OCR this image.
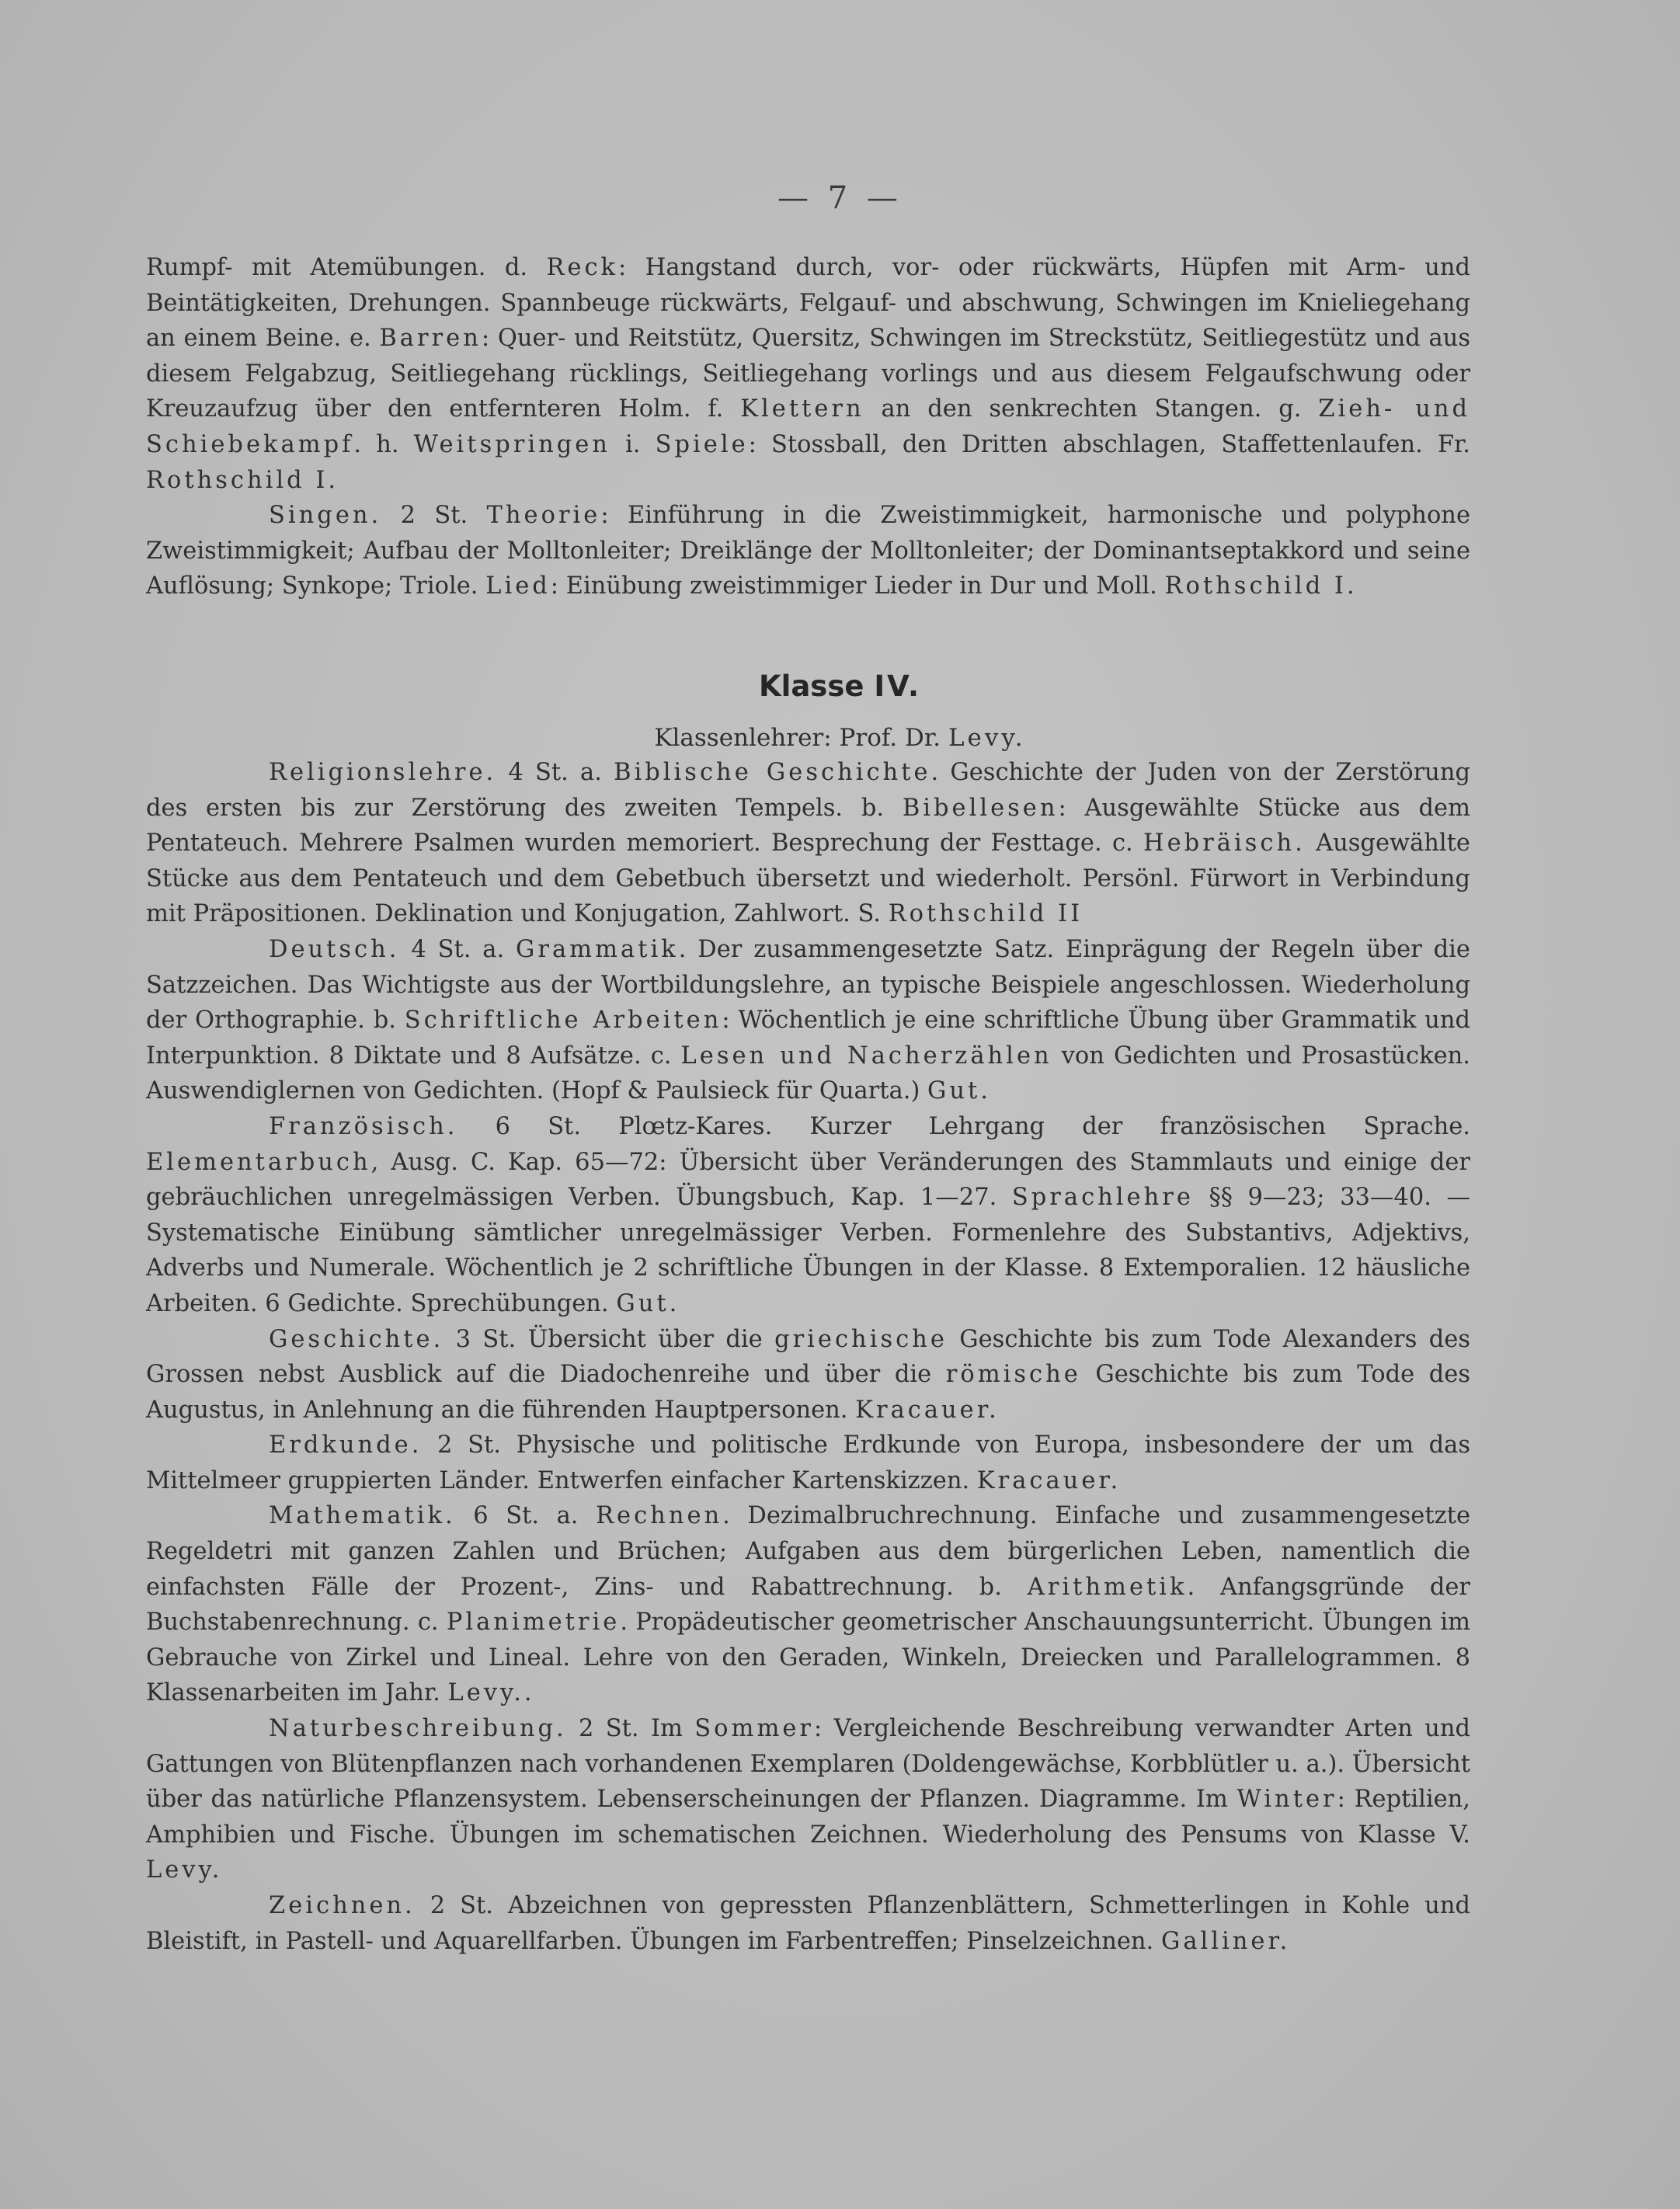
— 7 —

Rumpf- mit Atemübungen. d. Reck: Hangstand durch, vor- oder rückwärts, Hüpfen mit Arm- und Beintätigkeiten, Drehungen. Spannbeuge rückwärts, Felgauf- und abschwung, Schwingen im Knieliegehang an einem Beine. e. Barren: Quer- und Reitstütz, Quersitz, Schwingen im Streckstütz, Seitliegestütz und aus diesem Felgabzug, Seitliegehang rücklings, Seitliegehang vorlings und aus diesem Felgaufschwung oder Kreuzaufzug über den entfernteren Holm. f. Klettern an den senkrechten Stangen. g. Zieh- und Schiebekampf. h. Weitspringen i. Spiele: Stossball, den Dritten abschlagen, Staffettenlaufen. Fr. Rothschild I.

Singen. 2 St. Theorie: Einführung in die Zweistimmigkeit, harmonische und polyphone Zweistimmigkeit; Aufbau der Molltonleiter; Dreiklänge der Molltonleiter; der Dominantseptakkord und seine Auflösung; Synkope; Triole. Lied: Einübung zweistimmiger Lieder in Dur und Moll. Rothschild I.

Klasse IV.
Klassenlehrer: Prof. Dr. Levy.

Religionslehre. 4 St. a. Biblische Geschichte. Geschichte der Juden von der Zerstörung des ersten bis zur Zerstörung des zweiten Tempels. b. Bibellesen: Ausgewählte Stücke aus dem Pentateuch. Mehrere Psalmen wurden memoriert. Besprechung der Festtage. c. Hebräisch. Ausgewählte Stücke aus dem Pentateuch und dem Gebetbuch übersetzt und wiederholt. Persönl. Fürwort in Verbindung mit Präpositionen. Deklination und Konjugation, Zahlwort. S. Rothschild II

Deutsch. 4 St. a. Grammatik. Der zusammengesetzte Satz. Einprägung der Regeln über die Satzzeichen. Das Wichtigste aus der Wortbildungslehre, an typische Beispiele angeschlossen. Wiederholung der Orthographie. b. Schriftliche Arbeiten: Wöchentlich je eine schriftliche Übung über Grammatik und Interpunktion. 8 Diktate und 8 Aufsätze. c. Lesen und Nacherzählen von Gedichten und Prosastücken. Auswendiglernen von Gedichten. (Hopf & Paulsieck für Quarta.) Gut.

Französisch. 6 St. Plœtz-Kares. Kurzer Lehrgang der französischen Sprache. Elementarbuch, Ausg. C. Kap. 65—72: Übersicht über Veränderungen des Stammlauts und einige der gebräuchlichen unregelmässigen Verben. Übungsbuch, Kap. 1—27. Sprachlehre §§ 9—23; 33—40. — Systematische Einübung sämtlicher unregelmässiger Verben. Formenlehre des Substantivs, Adjektivs, Adverbs und Numerale. Wöchentlich je 2 schriftliche Übungen in der Klasse. 8 Extemporalien. 12 häusliche Arbeiten. 6 Gedichte. Sprechübungen. Gut.

Geschichte. 3 St. Übersicht über die griechische Geschichte bis zum Tode Alexanders des Grossen nebst Ausblick auf die Diadochenreihe und über die römische Geschichte bis zum Tode des Augustus, in Anlehnung an die führenden Hauptpersonen. Kracauer.

Erdkunde. 2 St. Physische und politische Erdkunde von Europa, insbesondere der um das Mittelmeer gruppierten Länder. Entwerfen einfacher Kartenskizzen. Kracauer.

Mathematik. 6 St. a. Rechnen. Dezimalbruchrechnung. Einfache und zusammengesetzte Regeldetri mit ganzen Zahlen und Brüchen; Aufgaben aus dem bürgerlichen Leben, namentlich die einfachsten Fälle der Prozent-, Zins- und Rabattrechnung. b. Arithmetik. Anfangsgründe der Buchstabenrechnung. c. Planimetrie. Propädeutischer geometrischer Anschauungsunterricht. Übungen im Gebrauche von Zirkel und Lineal. Lehre von den Geraden, Winkeln, Dreiecken und Parallelogrammen. 8 Klassenarbeiten im Jahr. Levy..

Naturbeschreibung. 2 St. Im Sommer: Vergleichende Beschreibung verwandter Arten und Gattungen von Blütenpflanzen nach vorhandenen Exemplaren (Doldengewächse, Korbblütler u. a.). Übersicht über das natürliche Pflanzensystem. Lebenserscheinungen der Pflanzen. Diagramme. Im Winter: Reptilien, Amphibien und Fische. Übungen im schematischen Zeichnen. Wiederholung des Pensums von Klasse V. Levy.

Zeichnen. 2 St. Abzeichnen von gepressten Pflanzenblättern, Schmetterlingen in Kohle und Bleistift, in Pastell- und Aquarellfarben. Übungen im Farbentreffen; Pinselzeichnen. Galliner.
